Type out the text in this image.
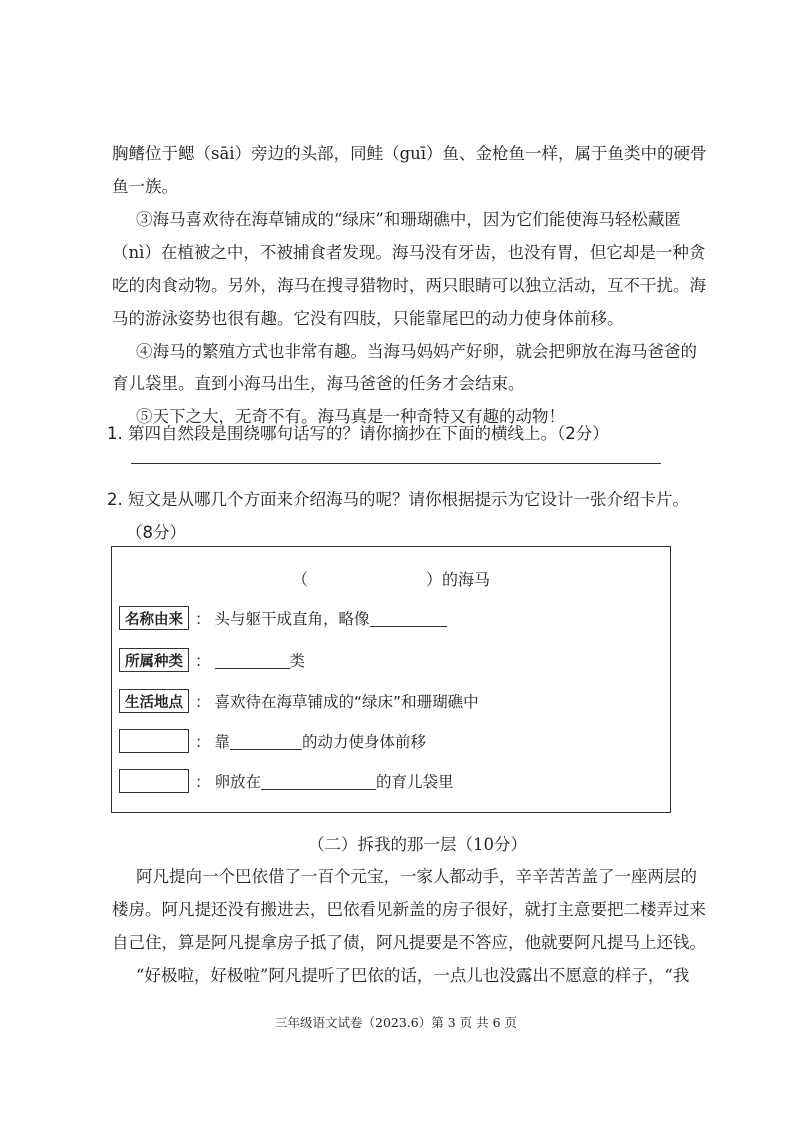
胸鳍位于鳃（sāi）旁边的头部，同鲑（guī）鱼、金枪鱼一样，属于鱼类中的硬骨
鱼一族。
③海马喜欢待在海草铺成的“绿床”和珊瑚礁中，因为它们能使海马轻松藏匿
（nì）在植被之中，不被捕食者发现。海马没有牙齿，也没有胃，但它却是一种贪
吃的肉食动物。另外，海马在搜寻猎物时，两只眼睛可以独立活动，互不干扰。海
马的游泳姿势也很有趣。它没有四肢，只能靠尾巴的动力使身体前移。
④海马的繁殖方式也非常有趣。当海马妈妈产好卵，就会把卵放在海马爸爸的
育儿袋里。直到小海马出生，海马爸爸的任务才会结束。
⑤天下之大，无奇不有。海马真是一种奇特又有趣的动物！
1. 第四自然段是围绕哪句话写的？请你摘抄在下面的横线上。（2分）
2. 短文是从哪几个方面来介绍海马的呢？请你根据提示为它设计一张介绍卡片。
（8分）
（	）的海马
名称由来 ： 头与躯干成直角，略像
所属种类 ：	类
生活地点 ： 喜欢待在海草铺成的“绿床”和珊瑚礁中
： 靠	的动力使身体前移
： 卵放在	的育儿袋里
（二）拆我的那一层（10分）
阿凡提向一个巴依借了一百个元宝，一家人都动手，辛辛苦苦盖了一座两层的
楼房。阿凡提还没有搬进去，巴依看见新盖的房子很好，就打主意要把二楼弄过来
自己住，算是阿凡提拿房子抵了债，阿凡提要是不答应，他就要阿凡提马上还钱。
“好极啦，好极啦”阿凡提听了巴依的话，一点儿也没露出不愿意的样子，“我
三年级语文试卷（2023.6）第 3 页 共 6 页
